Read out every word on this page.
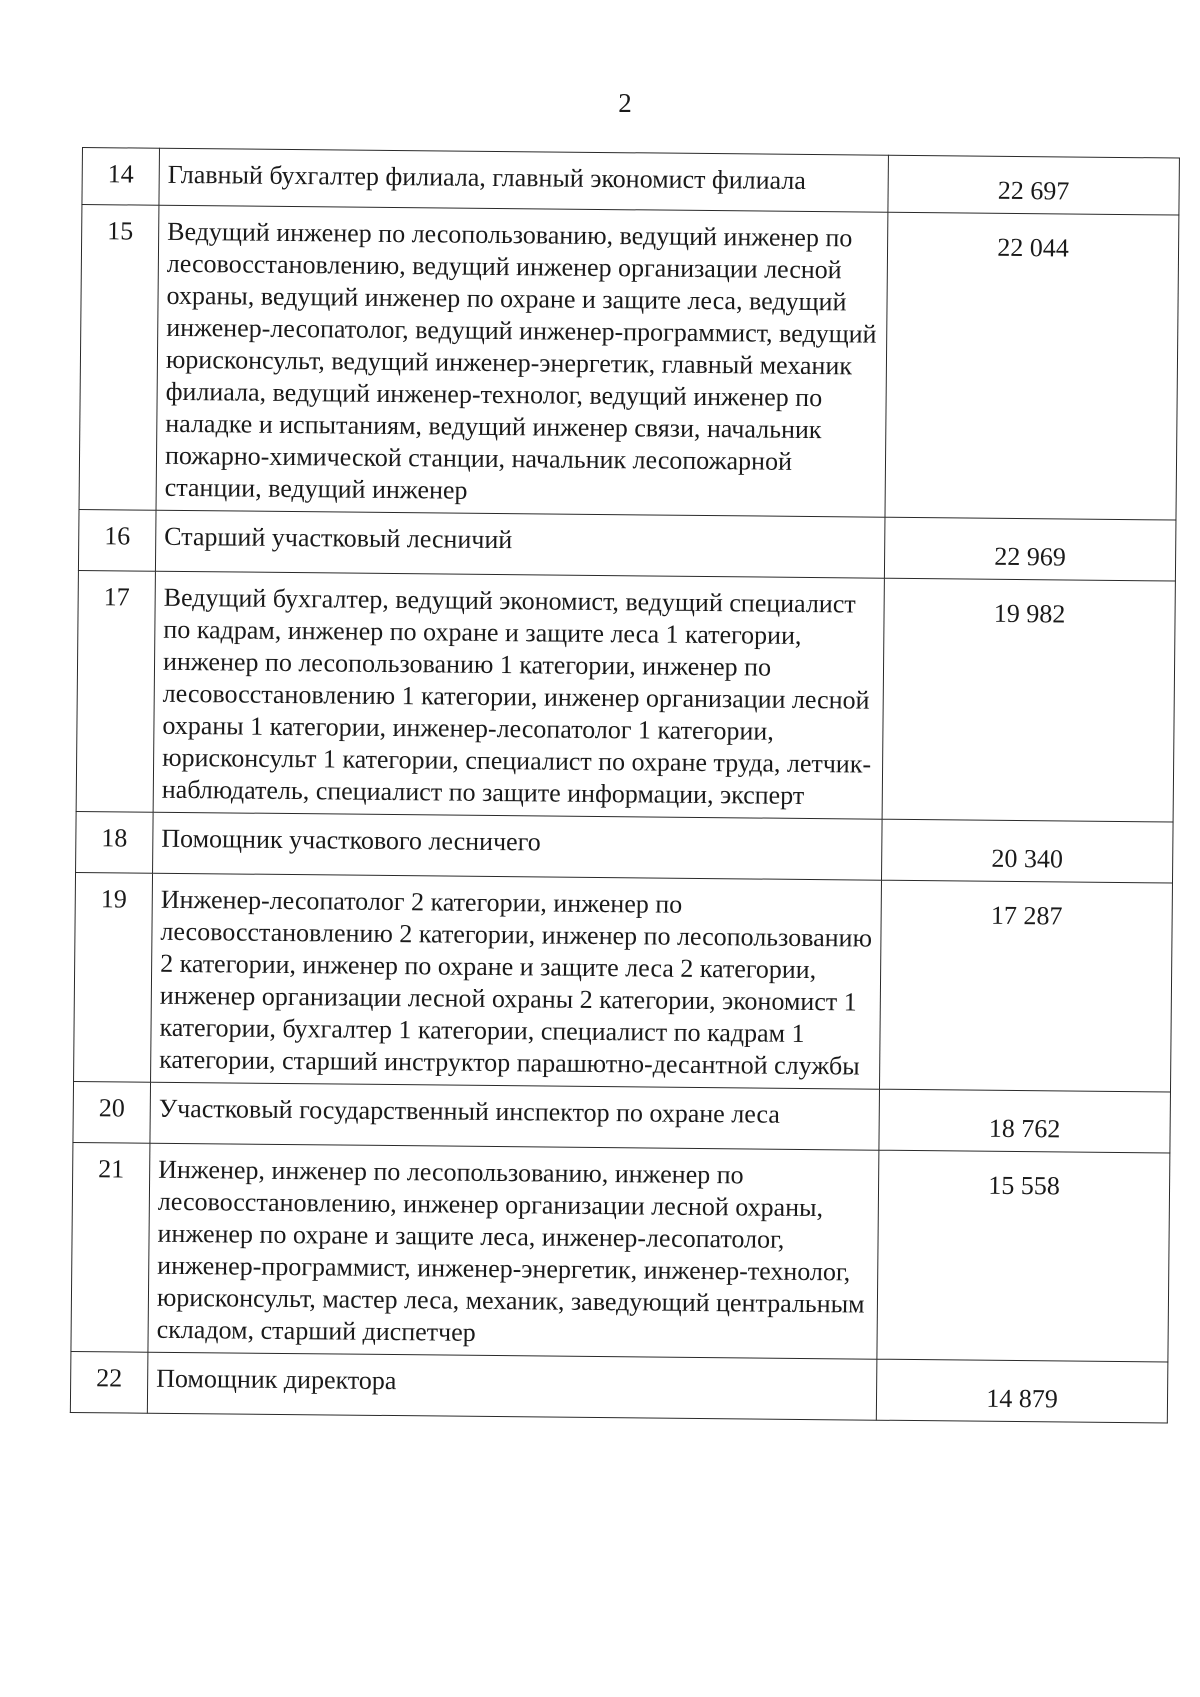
2
14	Главный бухгалтер филиала, главный экономист филиала	22 697
15	Ведущий инженер по лесопользованию, ведущий инженер по лесовосстановлению, ведущий инженер организации лесной охраны, ведущий инженер по охране и защите леса, ведущий инженер-лесопатолог, ведущий инженер-программист, ведущий юрисконсульт, ведущий инженер-энергетик, главный механик филиала, ведущий инженер-технолог, ведущий инженер по наладке и испытаниям, ведущий инженер связи, начальник пожарно-химической станции, начальник лесопожарной станции, ведущий инженер	22 044
16	Старший участковый лесничий	22 969
17	Ведущий бухгалтер, ведущий экономист, ведущий специалист по кадрам, инженер по охране и защите леса 1 категории, инженер по лесопользованию 1 категории, инженер по лесовосстановлению 1 категории, инженер организации лесной охраны 1 категории, инженер-лесопатолог 1 категории, юрисконсульт 1 категории, специалист по охране труда, летчик-наблюдатель, специалист по защите информации, эксперт	19 982
18	Помощник участкового лесничего	20 340
19	Инженер-лесопатолог 2 категории, инженер по лесовосстановлению 2 категории, инженер по лесопользованию 2 категории, инженер по охране и защите леса 2 категории, инженер организации лесной охраны 2 категории, экономист 1 категории, бухгалтер 1 категории, специалист по кадрам 1 категории, старший инструктор парашютно-десантной службы	17 287
20	Участковый государственный инспектор по охране леса	18 762
21	Инженер, инженер по лесопользованию, инженер по лесовосстановлению, инженер организации лесной охраны, инженер по охране и защите леса, инженер-лесопатолог, инженер-программист, инженер-энергетик, инженер-технолог, юрисконсульт, мастер леса, механик, заведующий центральным складом, старший диспетчер	15 558
22	Помощник директора	14 879
